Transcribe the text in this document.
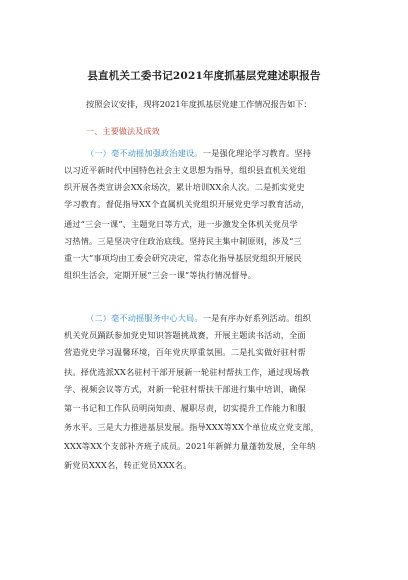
县直机关工委书记2021年度抓基层党建述职报告
按照会议安排，现将2021年度抓基层党建工作情况报告如下：
一、主要做法及成效
（一）毫不动摇加强政治建设。一是强化理论学习教育。坚持
以习近平新时代中国特色社会主义思想为指导，组织县直机关党组
织开展各类宣讲会XX余场次，累计培训XX余人次。二是抓实党史
学习教育。督促指导XX个直属机关党组织开展党史学习教育活动，
通过“三会一课”、主题党日等方式，进一步激发全体机关党员学
习热情。三是坚决守住政治底线。坚持民主集中制原则，涉及“三
重一大”事项均由工委会研究决定，常态化指导基层党组织开展民
组织生活会，定期开展“三会一课”等执行情况督导。
（二）毫不动摇服务中心大局。一是有序办好系列活动。组织
机关党员踊跃参加党史知识答题挑战赛，开展主题读书活动，全面
营造党史学习温馨环境，百年党庆厚重氛围。二是扎实做好驻村帮
扶。择优选派XX名驻村干部开展新一轮驻村帮扶工作，通过现场教
学、视频会议等方式，对新一轮驻村帮扶干部进行集中培训，确保
第一书记和工作队员明岗知责、履职尽责，切实提升工作能力和服
务水平。三是大力推进基层发展。指导XXX等XX个单位成立党支部，
XXX等XX个支部补齐班子成员。2021年新鲜力量蓬勃发展，全年纳
新党员XXX名，转正党员XXX名。
